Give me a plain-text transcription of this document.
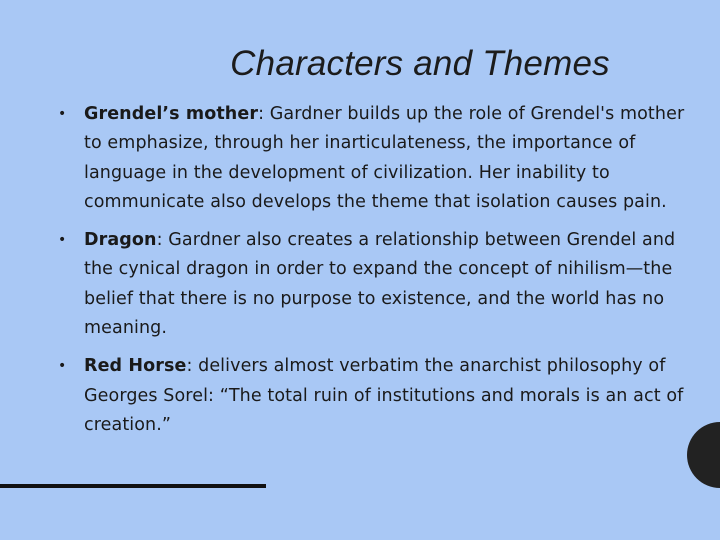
Characters and Themes
• Grendel’s mother: Gardner builds up the role of Grendel's mother to emphasize, through her inarticulateness, the importance of language in the development of civilization. Her inability to communicate also develops the theme that isolation causes pain.
• Dragon: Gardner also creates a relationship between Grendel and the cynical dragon in order to expand the concept of nihilism—the belief that there is no purpose to existence, and the world has no meaning.
• Red Horse: delivers almost verbatim the anarchist philosophy of Georges Sorel: “The total ruin of institutions and morals is an act of creation.”
